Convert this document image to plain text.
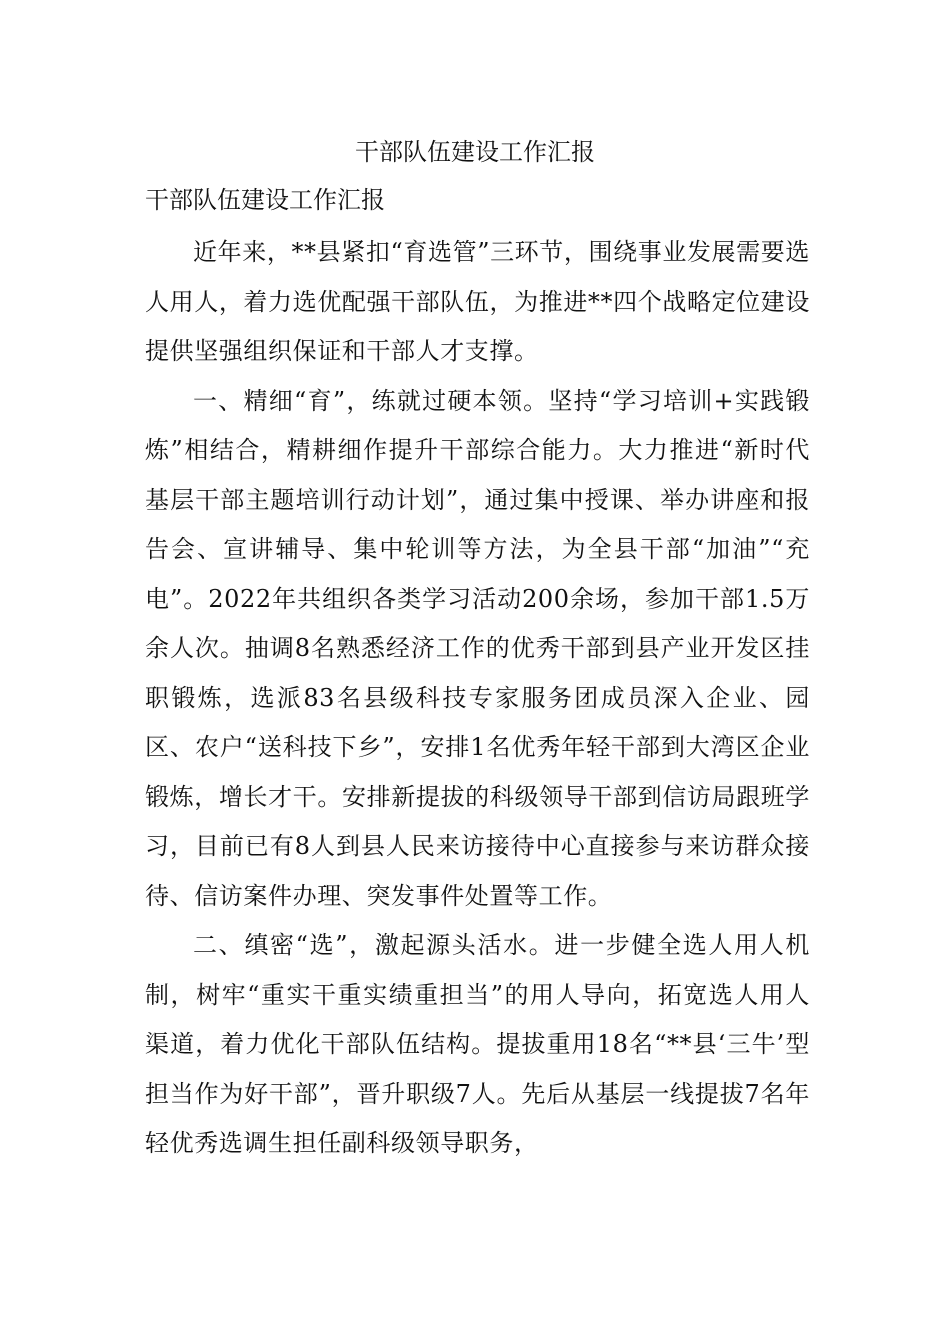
干部队伍建设工作汇报
干部队伍建设工作汇报

近年来，**县紧扣“育选管”三环节，围绕事业发展需要选人用人，着力选优配强干部队伍，为推进**四个战略定位建设提供坚强组织保证和干部人才支撑。

一、精细“育”，练就过硬本领。坚持“学习培训+实践锻炼”相结合，精耕细作提升干部综合能力。大力推进“新时代基层干部主题培训行动计划”，通过集中授课、举办讲座和报告会、宣讲辅导、集中轮训等方法，为全县干部“加油”“充电”。2022年共组织各类学习活动200余场，参加干部1.5万余人次。抽调8名熟悉经济工作的优秀干部到县产业开发区挂职锻炼，选派83名县级科技专家服务团成员深入企业、园区、农户“送科技下乡”，安排1名优秀年轻干部到大湾区企业锻炼，增长才干。安排新提拔的科级领导干部到信访局跟班学习，目前已有8人到县人民来访接待中心直接参与来访群众接待、信访案件办理、突发事件处置等工作。

二、缜密“选”，激起源头活水。进一步健全选人用人机制，树牢“重实干重实绩重担当”的用人导向，拓宽选人用人渠道，着力优化干部队伍结构。提拔重用18名“**县‘三牛’型担当作为好干部”，晋升职级7人。先后从基层一线提拔7名年轻优秀选调生担任副科级领导职务，
